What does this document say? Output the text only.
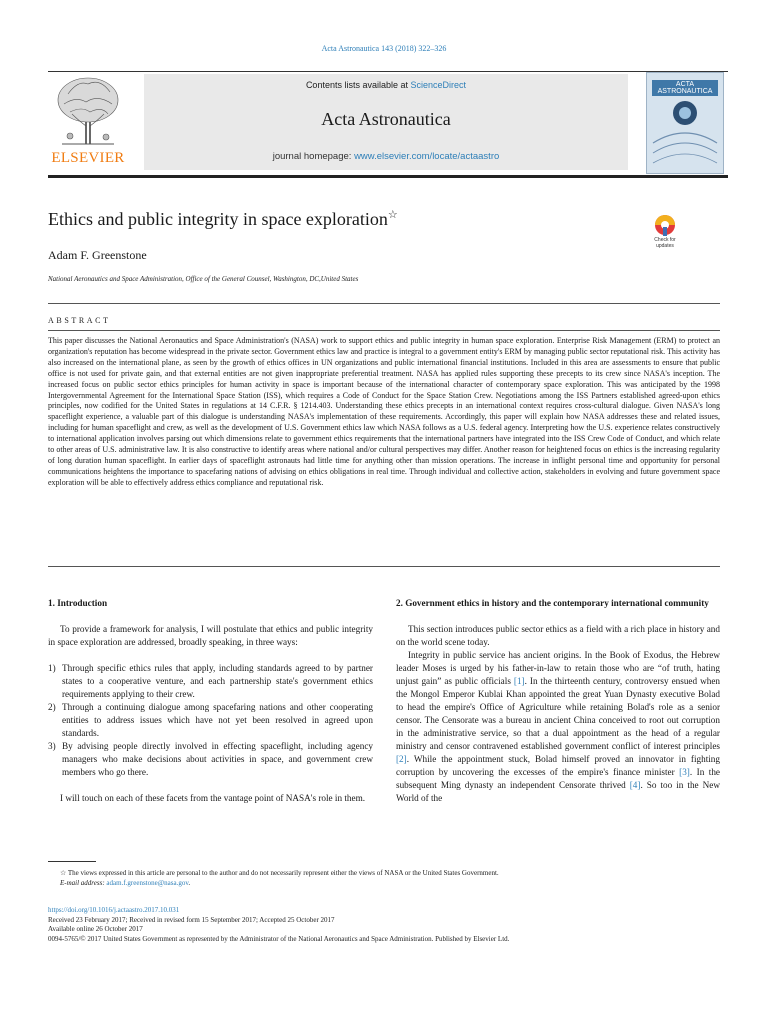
Acta Astronautica 143 (2018) 322–326
ELSEVIER
Contents lists available at ScienceDirect
Acta Astronautica
journal homepage: www.elsevier.com/locate/actaastro
ACTA ASTRONAUTICA
Ethics and public integrity in space exploration☆
Check for updates
Adam F. Greenstone
National Aeronautics and Space Administration, Office of the General Counsel, Washington, DC,United States
ABSTRACT
This paper discusses the National Aeronautics and Space Administration's (NASA) work to support ethics and public integrity in human space exploration. Enterprise Risk Management (ERM) to protect an organization's reputation has become widespread in the private sector. Government ethics law and practice is integral to a government entity's ERM by managing public sector reputational risk. This activity has also increased on the international plane, as seen by the growth of ethics offices in UN organizations and public international financial institutions. Included in this area are assessments to ensure that public office is not used for private gain, and that external entities are not given inappropriate preferential treatment. NASA has applied rules supporting these precepts to its crew since NASA's inception. The increased focus on public sector ethics principles for human activity in space is important because of the international character of contemporary space exploration. This was anticipated by the 1998 Intergovernmental Agreement for the International Space Station (ISS), which requires a Code of Conduct for the Space Station Crew. Negotiations among the ISS Partners established agreed-upon ethics principles, now codified for the United States in regulations at 14 C.F.R. § 1214.403. Understanding these ethics precepts in an international context requires cross-cultural dialogue. Given NASA's long spaceflight experience, a valuable part of this dialogue is understanding NASA's implementation of these requirements. Accordingly, this paper will explain how NASA addresses these and related issues, including for human spaceflight and crew, as well as the development of U.S. Government ethics law which NASA follows as a U.S. federal agency. Interpreting how the U.S. experience relates constructively to international application involves parsing out which dimensions relate to government ethics requirements that the international partners have integrated into the ISS Crew Code of Conduct, and which relate to other areas of U.S. administrative law. It is also constructive to identify areas where national and/or cultural perspectives may differ. Another reason for heightened focus on ethics is the increasing regularity of long duration human spaceflight. In earlier days of spaceflight astronauts had little time for anything other than mission operations. The increase in inflight personal time and opportunity for personal communications heightens the importance to spacefaring nations of advising on ethics obligations in real time. Through individual and collective action, stakeholders in evolving and future government space exploration will be able to effectively address ethics compliance and reputational risk.

1. Introduction

To provide a framework for analysis, I will postulate that ethics and public integrity in space exploration are addressed, broadly speaking, in three ways:

1) Through specific ethics rules that apply, including standards agreed to by partner states to a cooperative venture, and each partnership state's government ethics requirements applying to their crew.
2) Through a continuing dialogue among spacefaring nations and other cooperating entities to address issues which have not yet been resolved in agreed upon standards.
3) By advising people directly involved in effecting spaceflight, including agency managers who make decisions about activities in space, and government crew members who go there.

I will touch on each of these facets from the vantage point of NASA's role in them.

2. Government ethics in history and the contemporary international community

This section introduces public sector ethics as a field with a rich place in history and on the world scene today.

Integrity in public service has ancient origins. In the Book of Exodus, the Hebrew leader Moses is urged by his father-in-law to retain those who are “of truth, hating unjust gain” as public officials [1]. In the thirteenth century, controversy ensued when the Mongol Emperor Kublai Khan appointed the great Yuan Dynasty executive Bolad to head the empire's Office of Agriculture while retaining Bolad's role as a senior censor. The Censorate was a bureau in ancient China conceived to root out corruption in the administrative service, so that a dual appointment as the head of a regular ministry and censor contravened established government conflict of interest principles [2]. While the appointment stuck, Bolad himself proved an innovator in fighting corruption by uncovering the excesses of the empire's finance minister [3]. In the subsequent Ming dynasty an independent Censorate thrived [4]. So too in the New World of the

☆ The views expressed in this article are personal to the author and do not necessarily represent either the views of NASA or the United States Government.
E-mail address: adam.f.greenstone@nasa.gov.
https://doi.org/10.1016/j.actaastro.2017.10.031
Received 23 February 2017; Received in revised form 15 September 2017; Accepted 25 October 2017
Available online 26 October 2017
0094-5765/© 2017 United States Government as represented by the Administrator of the National Aeronautics and Space Administration. Published by Elsevier Ltd.
